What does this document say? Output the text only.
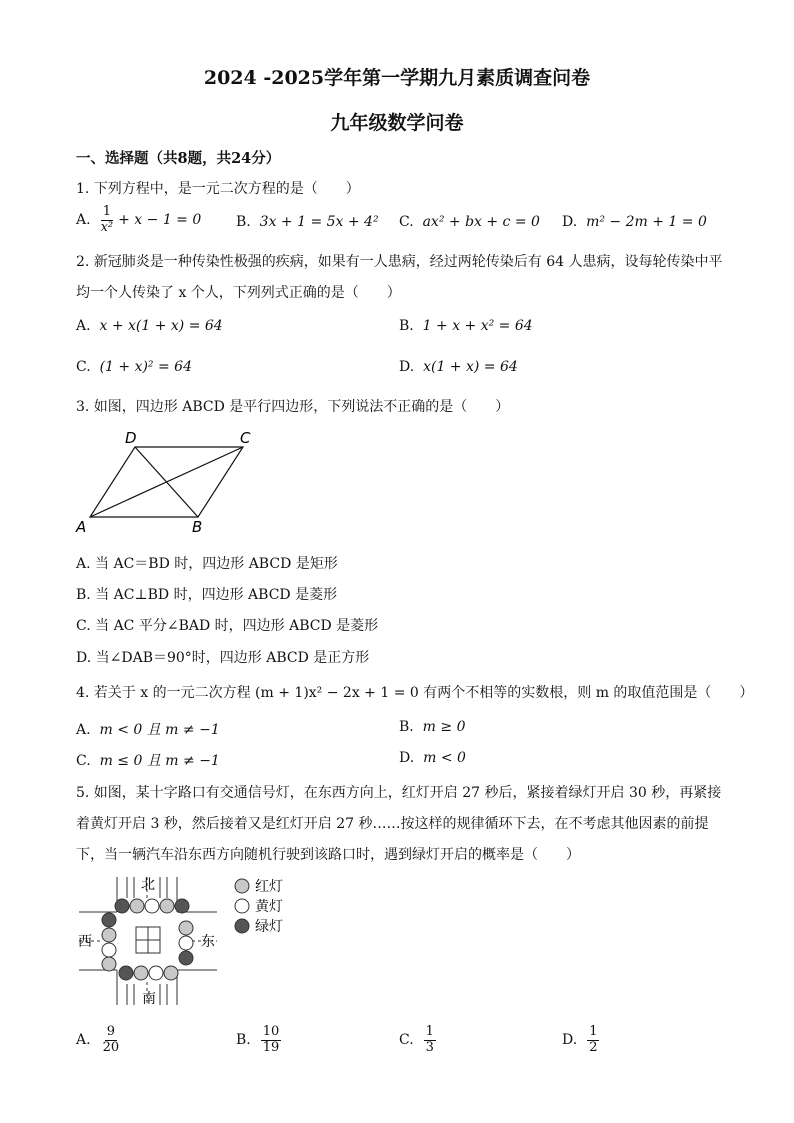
2024 -2025学年第一学期九月素质调查问卷
九年级数学问卷
一、选择题（共8题，共24分）
1. 下列方程中，是一元二次方程的是（　　）
A. $\frac{1}{\text{x²}} + x - 1 = 0$ B. 3x + 1 = 5x + 4² C. ax² + bx + c = 0 D. m² − 2m + 1 = 0
2. 新冠肺炎是一种传染性极强的疾病，如果有一人患病，经过两轮传染后有 64 人患病，设每轮传染中平
均一个人传染了 x 个人，下列列式正确的是（　　）
A. x + x(1 + x) = 64	B. 1 + x + x² = 64
C. (1 + x)² = 64	D. x(1 + x) = 64
3. 如图，四边形 ABCD 是平行四边形，下列说法不正确的是（　　）
A	B
C
D
A. 当 AC＝BD 时，四边形 ABCD 是矩形
B. 当 AC⊥BD 时，四边形 ABCD 是菱形
C. 当 AC 平分∠BAD 时，四边形 ABCD 是菱形
D. 当∠DAB＝90°时，四边形 ABCD 是正方形
4. 若关于 x 的一元二次方程 (m + 1)x² − 2x + 1 = 0 有两个不相等的实数根，则 m 的取值范围是（　　）
A. m < 0 且 m ≠ −1	B. m ≥ 0
C. m ≤ 0 且 m ≠ −1	D. m < 0
5. 如图，某十字路口有交通信号灯，在东西方向上，红灯开启 27 秒后，紧接着绿灯开启 30 秒，再紧接
着黄灯开启 3 秒，然后接着又是红灯开启 27 秒……按这样的规律循环下去，在不考虑其他因素的前提
下，当一辆汽车沿东西方向随机行驶到该路口时，遇到绿灯开启的概率是（　　）
北
南
西	东
红灯
黄灯
绿灯
A. $\frac{9}{20}$	B. $\frac{10}{19}$	C. $\frac{1}{3}$	D. $\frac{1}{2}$
